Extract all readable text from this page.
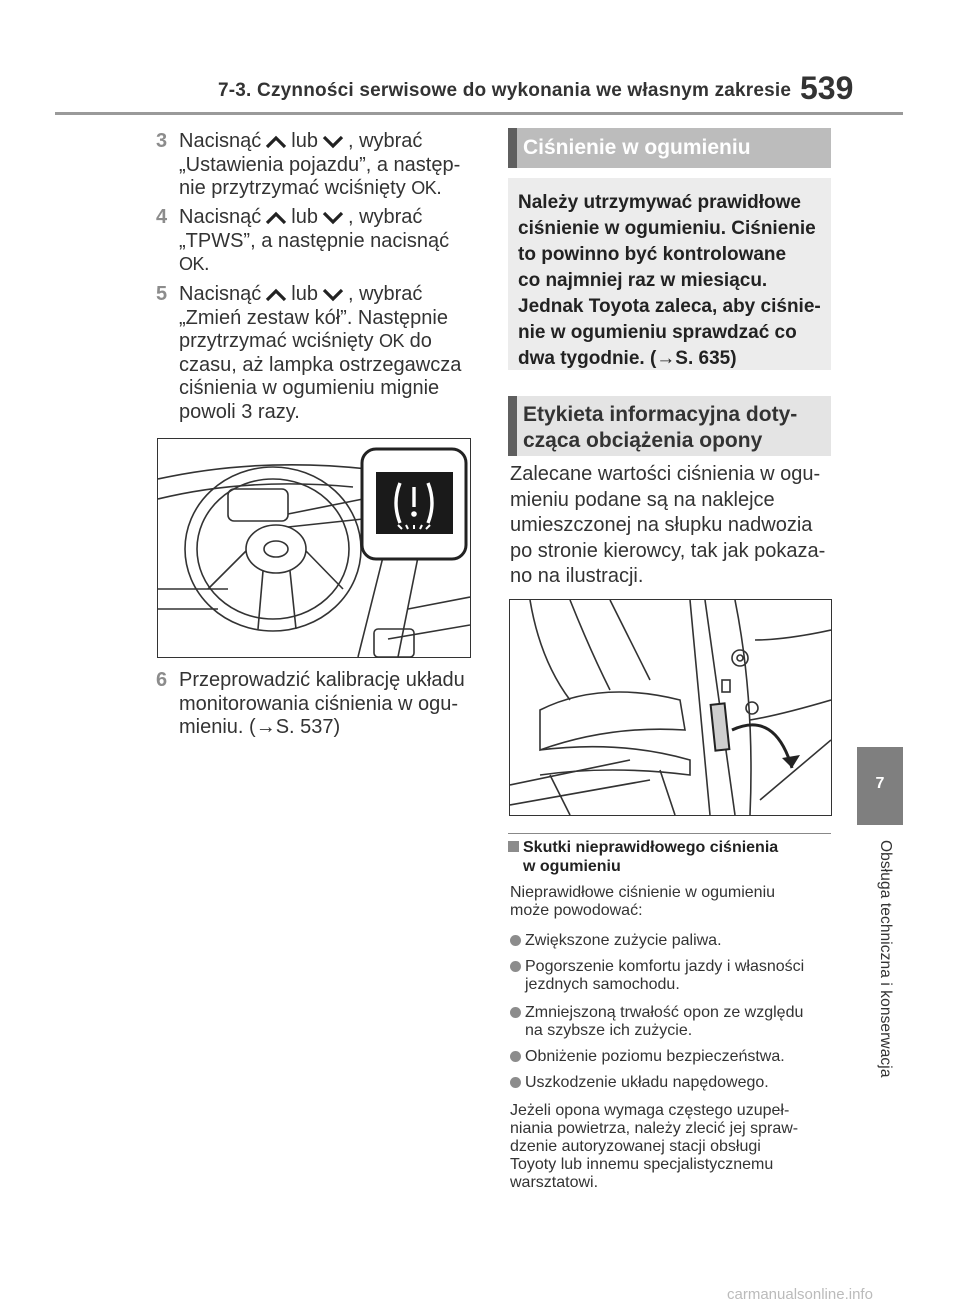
7-3. Czynności serwisowe do wykonania we własnym zakresie 539
3 Nacisnąć lub , wybrać
„Ustawienia pojazdu”, a następ-
nie przytrzymać wciśnięty OK.
4 Nacisnąć lub , wybrać
„TPWS”, a następnie nacisnąć
OK.
5 Nacisnąć lub , wybrać
„Zmień zestaw kół”. Następnie
przytrzymać wciśnięty OK do
czasu, aż lampka ostrzegawcza
ciśnienia w ogumieniu mignie
powoli 3 razy.
6 Przeprowadzić kalibrację układu
monitorowania ciśnienia w ogu-
mieniu. (→S. 537)
Ciśnienie w ogumieniu
Należy utrzymywać prawidłowe
ciśnienie w ogumieniu. Ciśnienie
to powinno być kontrolowane
co najmniej raz w miesiącu.
Jednak Toyota zaleca, aby ciśnie-
nie w ogumieniu sprawdzać co
dwa tygodnie. (→S. 635)
Etykieta informacyjna doty-
cząca obciążenia opony
Zalecane wartości ciśnienia w ogu-
mieniu podane są na naklejce
umieszczonej na słupku nadwozia
po stronie kierowcy, tak jak pokaza-
no na ilustracji.
Skutki nieprawidłowego ciśnienia
w ogumieniu
Nieprawidłowe ciśnienie w ogumieniu
może powodować:
Zwiększone zużycie paliwa.
Pogorszenie komfortu jazdy i własności
jezdnych samochodu.
Zmniejszoną trwałość opon ze względu
na szybsze ich zużycie.
Obniżenie poziomu bezpieczeństwa.
Uszkodzenie układu napędowego.
Jeżeli opona wymaga częstego uzupeł-
niania powietrza, należy zlecić jej spraw-
dzenie autoryzowanej stacji obsługi
Toyoty lub innemu specjalistycznemu
warsztatowi.
7
Obsługa techniczna i konserwacja
carmanualsonline.info
